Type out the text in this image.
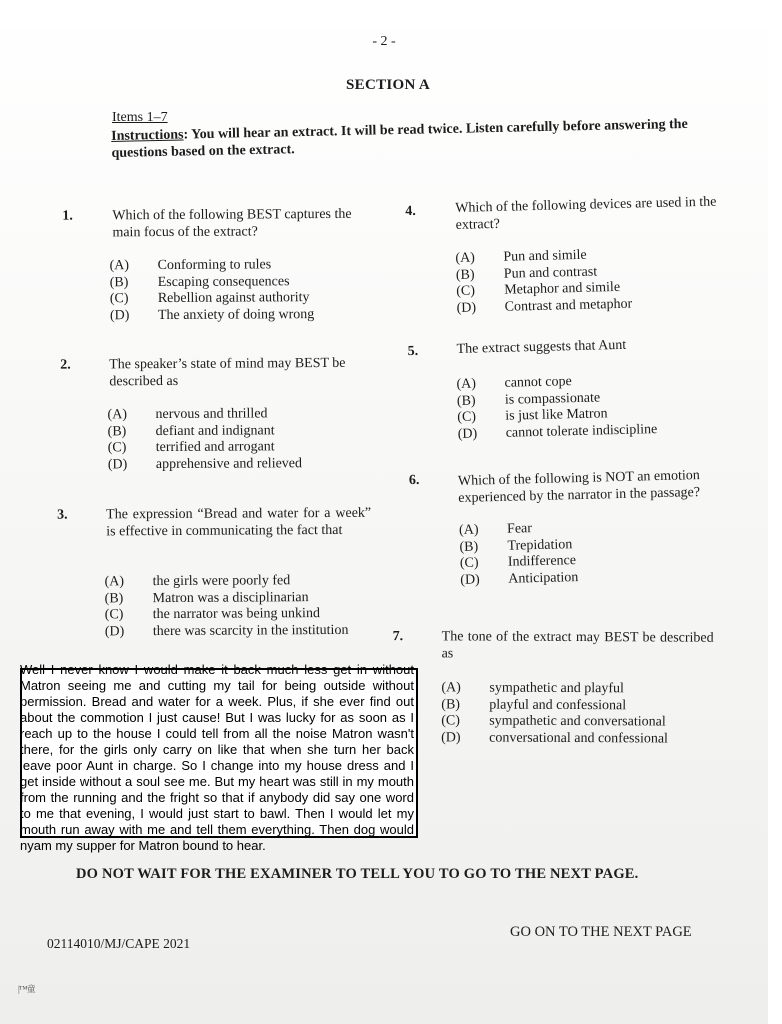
- 2 -
SECTION A
Items 1–7
Instructions: You will hear an extract. It will be read twice. Listen carefully before answering the questions based on the extract.
1.	Which of the following BEST captures the main focus of the extract?
(A)	Conforming to rules
(B)	Escaping consequences
(C)	Rebellion against authority
(D)	The anxiety of doing wrong
2.	The speaker’s state of mind may BEST be described as
(A)	nervous and thrilled
(B)	defiant and indignant
(C)	terrified and arrogant
(D)	apprehensive and relieved
3.	The expression “Bread and water for a week” is effective in communicating the fact that
(A)	the girls were poorly fed
(B)	Matron was a disciplinarian
(C)	the narrator was being unkind
(D)	there was scarcity in the institution
4.	Which of the following devices are used in the extract?
(A)	Pun and simile
(B)	Pun and contrast
(C)	Metaphor and simile
(D)	Contrast and metaphor
5.	The extract suggests that Aunt
(A)	cannot cope
(B)	is compassionate
(C)	is just like Matron
(D)	cannot tolerate indiscipline
6.	Which of the following is NOT an emotion experienced by the narrator in the passage?
(A)	Fear
(B)	Trepidation
(C)	Indifference
(D)	Anticipation
7.	The tone of the extract may BEST be described as
(A)	sympathetic and playful
(B)	playful and confessional
(C)	sympathetic and conversational
(D)	conversational and confessional
Well I never know I would make it back much less get in without Matron seeing me and cutting my tail for being outside without permission. Bread and water for a week. Plus, if she ever find out about the commotion I just cause! But I was lucky for as soon as I reach up to the house I could tell from all the noise Matron wasn't there, for the girls only carry on like that when she turn her back leave poor Aunt in charge. So I change into my house dress and I get inside without a soul see me. But my heart was still in my mouth from the running and the fright so that if anybody did say one word to me that evening, I would just start to bawl. Then I would let my mouth run away with me and tell them everything. Then dog would nyam my supper for Matron bound to hear.
DO NOT WAIT FOR THE EXAMINER TO TELL YOU TO GO TO THE NEXT PAGE.
GO ON TO THE NEXT PAGE
02114010/MJ/CAPE 2021
|™童
